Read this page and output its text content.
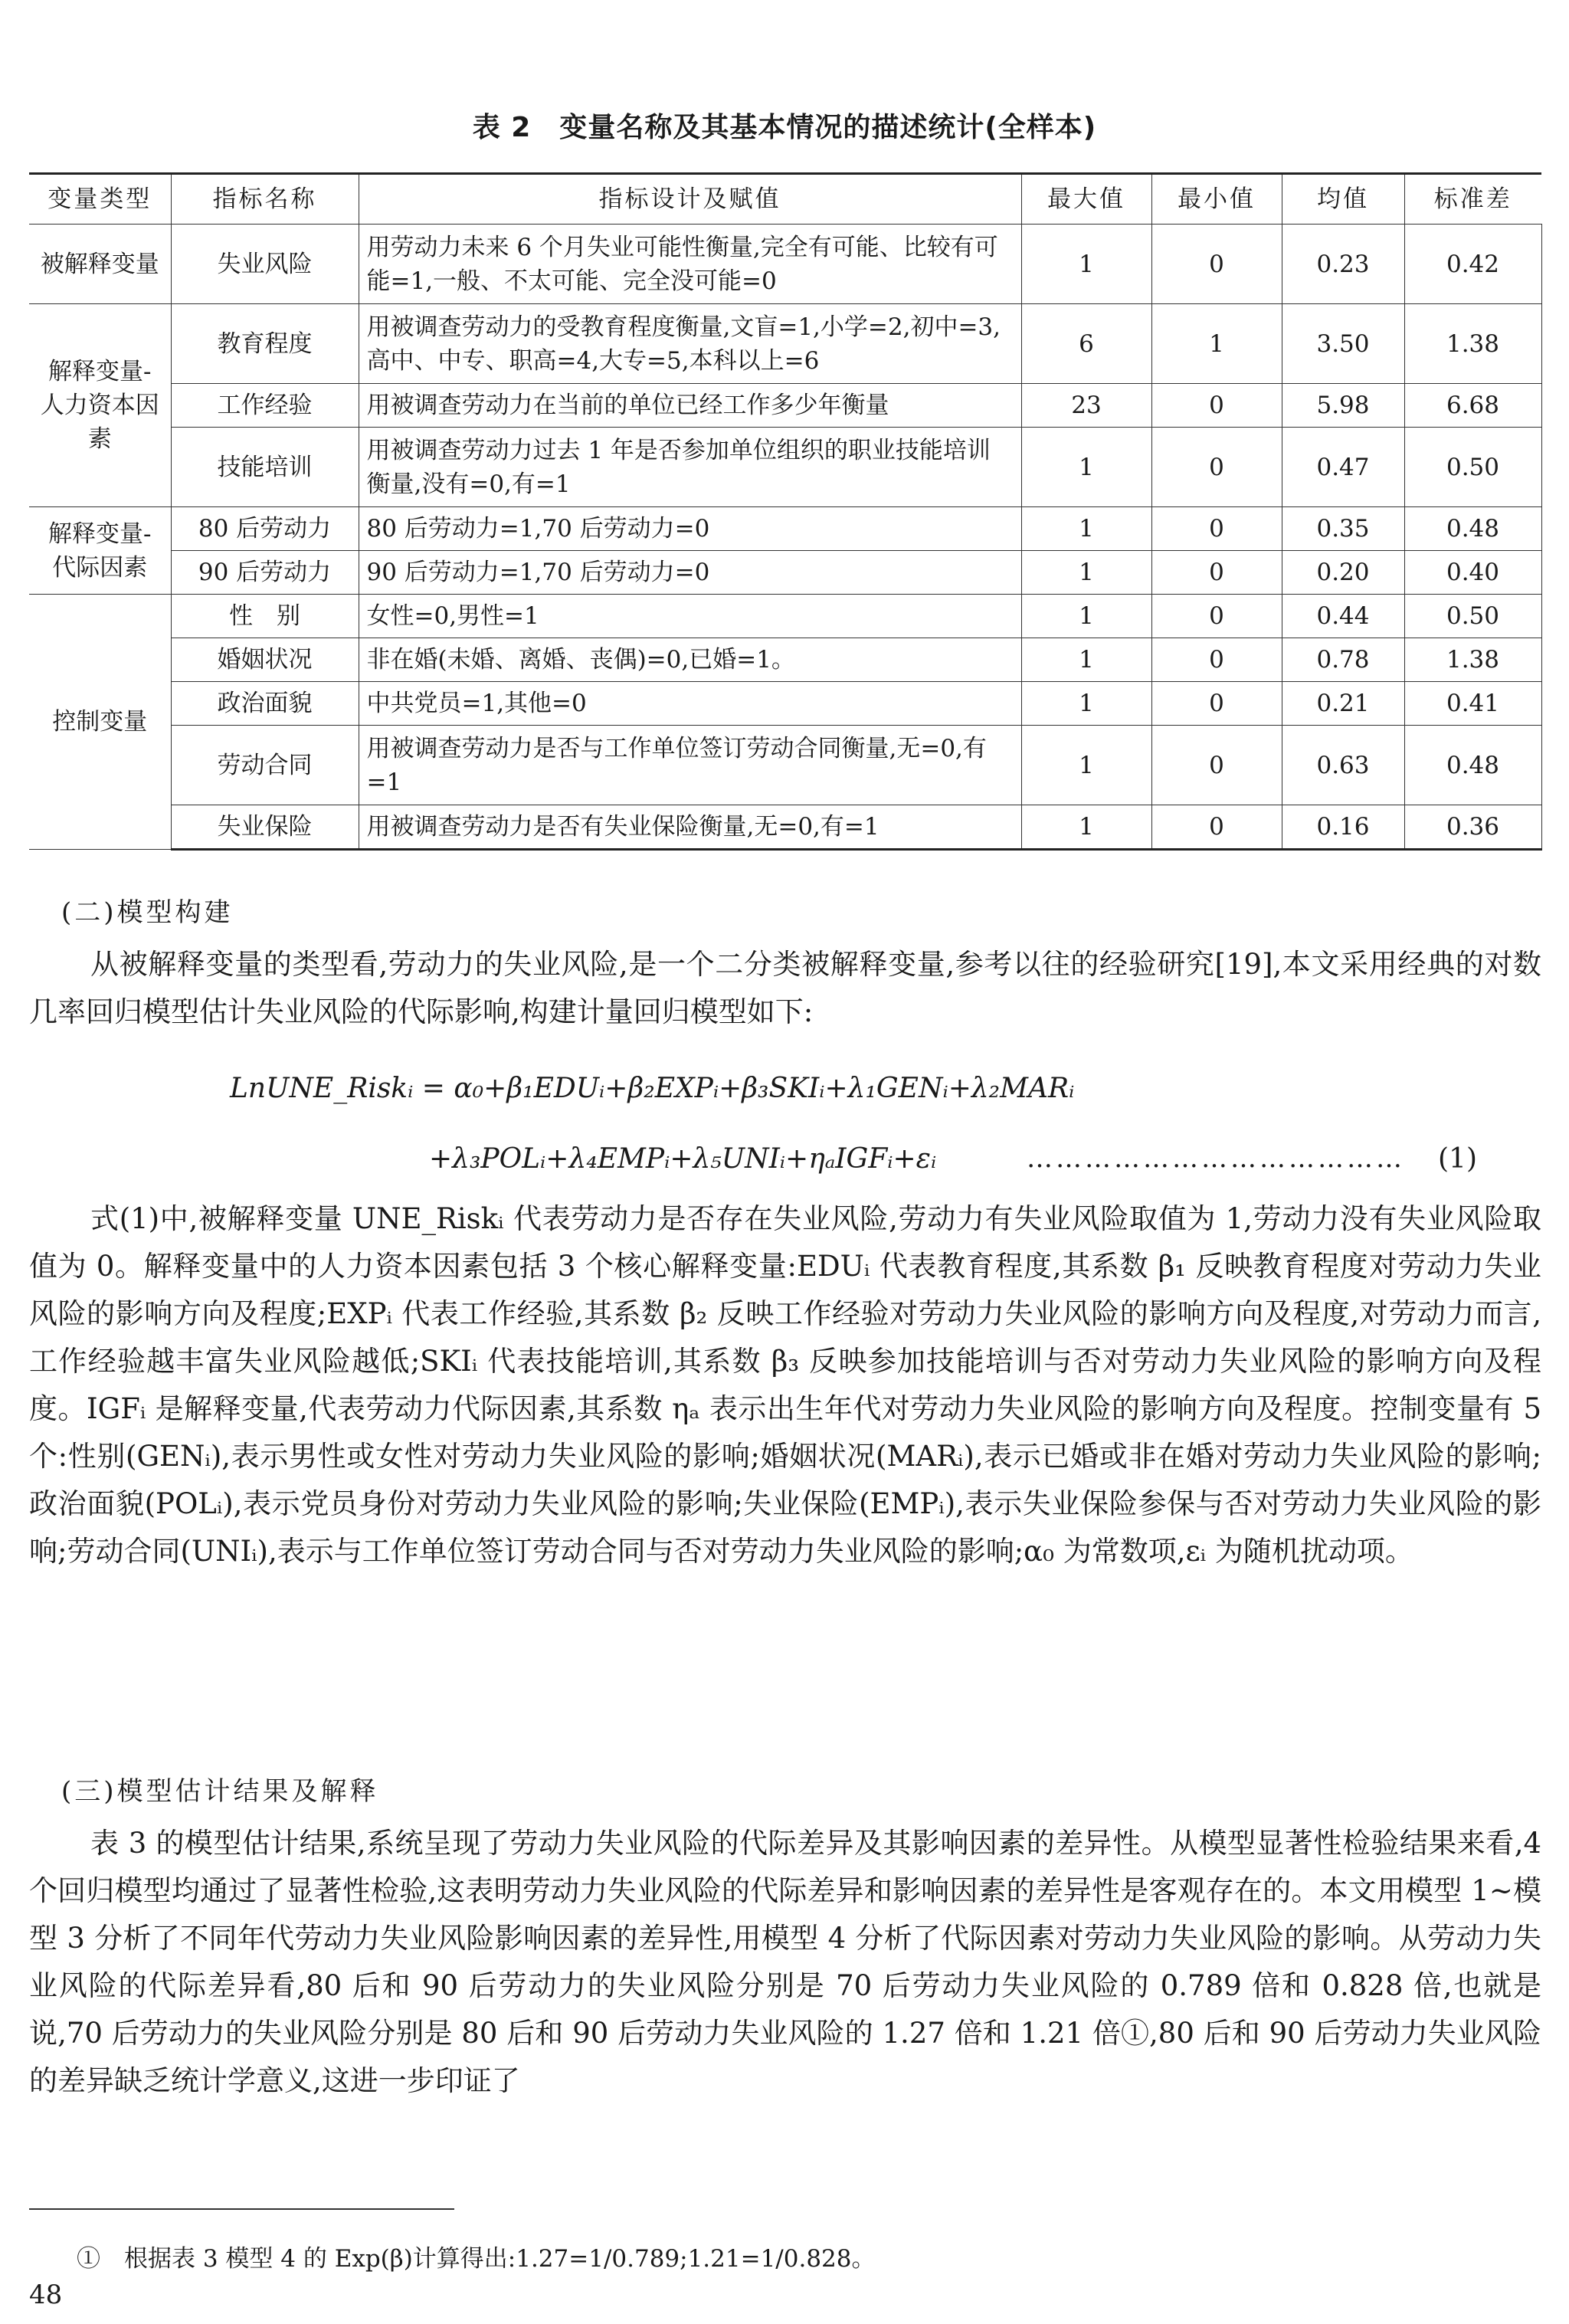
表 2　变量名称及其基本情况的描述统计(全样本)
变量类型	指标名称	指标设计及赋值	最大值	最小值	均值	标准差
被解释变量	失业风险	用劳动力未来 6 个月失业可能性衡量,完全有可能、比较有可能=1,一般、不太可能、完全没可能=0	1	0	0.23	0.42
解释变量-人力资本因素	教育程度	用被调查劳动力的受教育程度衡量,文盲=1,小学=2,初中=3,高中、中专、职高=4,大专=5,本科以上=6	6	1	3.50	1.38
	工作经验	用被调查劳动力在当前的单位已经工作多少年衡量	23	0	5.98	6.68
	技能培训	用被调查劳动力过去 1 年是否参加单位组织的职业技能培训衡量,没有=0,有=1	1	0	0.47	0.50
解释变量-代际因素	80 后劳动力	80 后劳动力=1,70 后劳动力=0	1	0	0.35	0.48
	90 后劳动力	90 后劳动力=1,70 后劳动力=0	1	0	0.20	0.40
控制变量	性　别	女性=0,男性=1	1	0	0.44	0.50
	婚姻状况	非在婚(未婚、离婚、丧偶)=0,已婚=1。	1	0	0.78	1.38
	政治面貌	中共党员=1,其他=0	1	0	0.21	0.41
	劳动合同	用被调查劳动力是否与工作单位签订劳动合同衡量,无=0,有=1	1	0	0.63	0.48
	失业保险	用被调查劳动力是否有失业保险衡量,无=0,有=1	1	0	0.16	0.36
(二)模型构建
从被解释变量的类型看,劳动力的失业风险,是一个二分类被解释变量,参考以往的经验研究[19],本文采用经典的对数几率回归模型估计失业风险的代际影响,构建计量回归模型如下:
LnUNE_Riskᵢ = α₀+β₁EDUᵢ+β₂EXPᵢ+β₃SKIᵢ+λ₁GENᵢ+λ₂MARᵢ
+λ₃POLᵢ+λ₄EMPᵢ+λ₅UNIᵢ+ηₐIGFᵢ+εᵢ	………………………………… (1)
式(1)中,被解释变量 UNE_Riskᵢ 代表劳动力是否存在失业风险,劳动力有失业风险取值为 1,劳动力没有失业风险取值为 0。解释变量中的人力资本因素包括 3 个核心解释变量:EDUᵢ 代表教育程度,其系数 β₁ 反映教育程度对劳动力失业风险的影响方向及程度;EXPᵢ 代表工作经验,其系数 β₂ 反映工作经验对劳动力失业风险的影响方向及程度,对劳动力而言,工作经验越丰富失业风险越低;SKIᵢ 代表技能培训,其系数 β₃ 反映参加技能培训与否对劳动力失业风险的影响方向及程度。IGFᵢ 是解释变量,代表劳动力代际因素,其系数 ηₐ 表示出生年代对劳动力失业风险的影响方向及程度。控制变量有 5 个:性别(GENᵢ),表示男性或女性对劳动力失业风险的影响;婚姻状况(MARᵢ),表示已婚或非在婚对劳动力失业风险的影响;政治面貌(POLᵢ),表示党员身份对劳动力失业风险的影响;失业保险(EMPᵢ),表示失业保险参保与否对劳动力失业风险的影响;劳动合同(UNIᵢ),表示与工作单位签订劳动合同与否对劳动力失业风险的影响;α₀ 为常数项,εᵢ 为随机扰动项。
(三)模型估计结果及解释
表 3 的模型估计结果,系统呈现了劳动力失业风险的代际差异及其影响因素的差异性。从模型显著性检验结果来看,4 个回归模型均通过了显著性检验,这表明劳动力失业风险的代际差异和影响因素的差异性是客观存在的。本文用模型 1~模型 3 分析了不同年代劳动力失业风险影响因素的差异性,用模型 4 分析了代际因素对劳动力失业风险的影响。从劳动力失业风险的代际差异看,80 后和 90 后劳动力的失业风险分别是 70 后劳动力失业风险的 0.789 倍和 0.828 倍,也就是说,70 后劳动力的失业风险分别是 80 后和 90 后劳动力失业风险的 1.27 倍和 1.21 倍①,80 后和 90 后劳动力失业风险的差异缺乏统计学意义,这进一步印证了
①　根据表 3 模型 4 的 Exp(β)计算得出:1.27=1/0.789;1.21=1/0.828。
48
